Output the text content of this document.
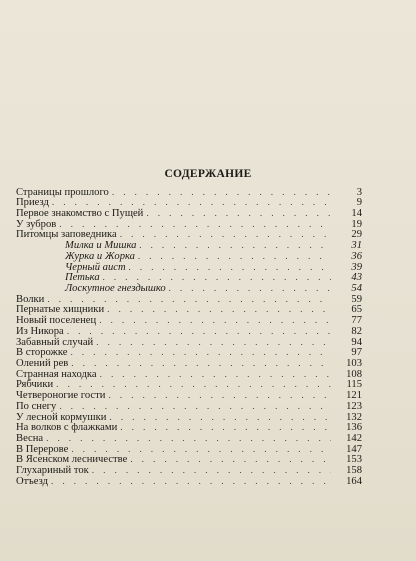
СОДЕРЖАНИЕ
Страницы прошлого . . .	3
Приезд . . .	9
Первое знакомство с Пущей . . .	14
У зубров . . .	19
Питомцы заповедника . . .	29
Милка и Мишка . . .	31
Журка и Жорка . . .	36
Черный аист . . .	39
Петька . . .	43
Лоскутное гнездышко . . .	54
Волки . . .	59
Пернатые хищники . . .	65
Новый поселенец . . .	77
Из Никора . . .	82
Забавный случай . . .	94
В сторожке . . .	97
Олений рев . . .	103
Странная находка . . .	108
Рябчики . . .	115
Четвероногие гости . . .	121
По снегу . . .	123
У лесной кормушки . . .	132
На волков с флажками . . .	136
Весна . . .	142
В Перерове . . .	147
В Ясенском лесничестве . . .	153
Глухариный ток . . .	158
Отъезд . . .	164
